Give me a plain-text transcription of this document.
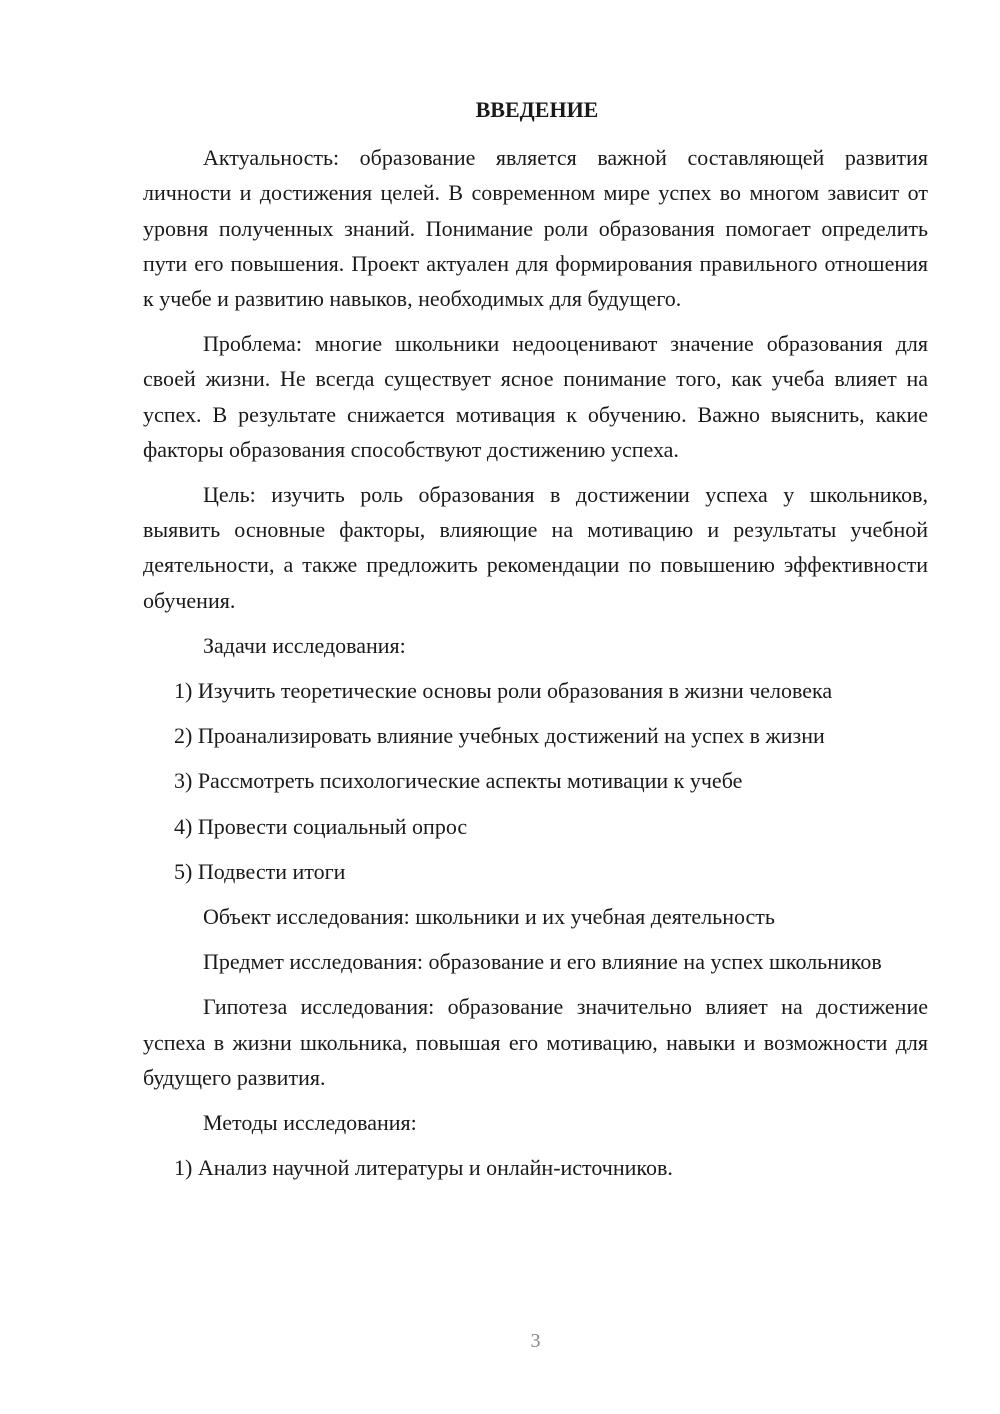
ВВЕДЕНИЕ

Актуальность: образование является важной составляющей развития личности и достижения целей. В современном мире успех во многом зависит от уровня полученных знаний. Понимание роли образования помогает определить пути его повышения. Проект актуален для формирования правильного отношения к учебе и развитию навыков, необходимых для будущего.

Проблема: многие школьники недооценивают значение образования для своей жизни. Не всегда существует ясное понимание того, как учеба влияет на успех. В результате снижается мотивация к обучению. Важно выяснить, какие факторы образования способствуют достижению успеха.

Цель: изучить роль образования в достижении успеха у школьников, выявить основные факторы, влияющие на мотивацию и результаты учебной деятельности, а также предложить рекомендации по повышению эффективности обучения.

Задачи исследования:
1) Изучить теоретические основы роли образования в жизни человека
2) Проанализировать влияние учебных достижений на успех в жизни
3) Рассмотреть психологические аспекты мотивации к учебе
4) Провести социальный опрос
5) Подвести итоги

Объект исследования: школьники и их учебная деятельность

Предмет исследования: образование и его влияние на успех школьников

Гипотеза исследования: образование значительно влияет на достижение успеха в жизни школьника, повышая его мотивацию, навыки и возможности для будущего развития.

Методы исследования:
1) Анализ научной литературы и онлайн-источников.
3
